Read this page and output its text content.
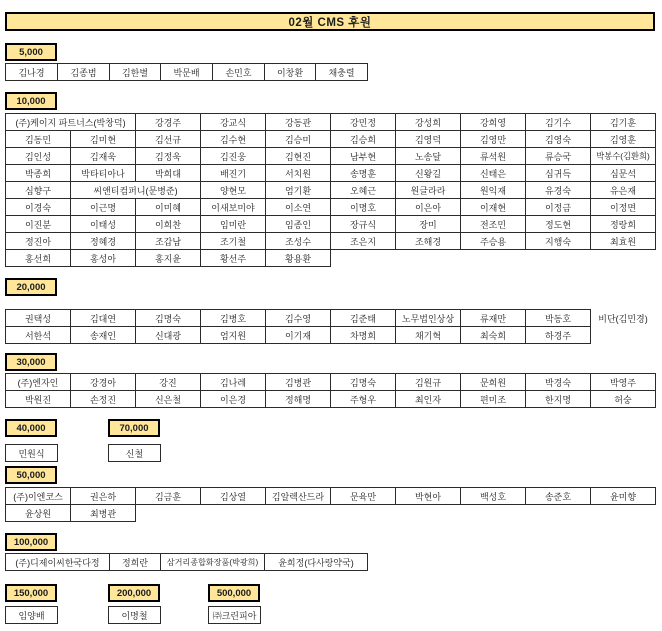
02월 CMS 후원
5,000
김나경	김종범	김한별	박문배	손민호	이창환	채충렬
10,000
(주)케이지 파트너스(박창덕)		강경주	강교식	강동관	강민정	강성희	강희영	김기수	김기훈
김동민	김미현	김선규	김수현	김승미	김승희	김영덕	김영만	김영숙	김영훈
김인성	김재욱	김정욱	김진웅	김현진	남부현	노송달	류석원	류승국	박봉수(김환희)
박종희	박타티아나	박희대	배진기	서치원	송명훈	신왕길	신태은	심귀득	심문석
심향구	씨앤티컴퍼니(문병준)		양현모	엄기환	오혜근	원글라라	원익재	유경숙	유은재
이경숙	이근명	이미혜	이새보미야	이소연	이명호	이은아	이재현	이정금	이정면
이진분	이태성	이희찬	임미란	임종인	장규식	장미	전조민	정도현	정랑희
정진아	정혜경	조갑남	조기철	조성수	조은지	조해경	주승용	지행숙	최효원
홍선희	홍성아	홍지윤	황선주	황용환					
20,000
권택성	김대연	김명숙	김병호	김수영	김준태	노무법인상상	류재만	박동호	비단(김민경)
서한석	송재인	신대광	엄지원	이기재	차명희	채기혁	최숙희	하경주	
30,000
(주)엔자인	강경아	강진	김나레	김병관	김명숙	김원규	문희원	박경숙	박영주
박원진	손정진	신은철	이은경	정해명	주형우	최인자	편미조	한지명	허숭
40,000
민원식
70,000
신철
50,000
(주)이엔코스	권은하	김금훈	김상열	김알렉산드라	문육만	박현아	백성호	송준호	윤미향
윤상원	최병관								
100,000
(주)디제이씨한국다정	정희란	삼거리종합화장품(박광희)	윤희정(다사랑약국)
150,000
임양배
200,000
이명철
500,000
㈜크린피아
